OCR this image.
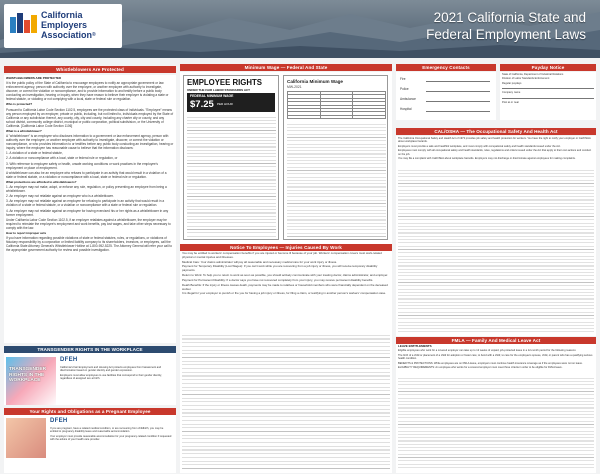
California
Employers
Association®
2021 California State and
Federal Employment Laws
Whistleblowers Are Protected

WHISTLEBLOWERS ARE PROTECTED

It is the public policy of the State of California to encourage employees to notify an appropriate government or law enforcement agency, person with authority over the employee, or another employee with authority to investigate, discover, or correct the violation or noncompliance, and to provide information to and testify before a public body conducting an investigation, hearing or inquiry, when they have reason to believe their employer is violating a state or federal statute, or violating or not complying with a local, state or federal rule or regulation.

Who is protected?

Pursuant to California Labor Code Section 1102.5, employees are the protected class of individuals. "Employee" means any person employed by an employer, private or public, including, but not limited to, individuals employed by the State of California or any subdivision thereof, any county, city, city and county, including any charter city or county, and any school district, community college district, municipal or public corporation, political subdivision, or the University of California. [California Labor Code Section 1106]

What is a whistleblower?

A "whistleblower" is an employee who discloses information to a government or law enforcement agency, person with authority over the employee, or another employee with authority to investigate, discover, or correct the violation or noncompliance, or who provides information to or testifies before any public body conducting an investigation, hearing or inquiry, where the employee has reasonable cause to believe that the information discloses:

1. A violation of a state or federal statute,

2. A violation or noncompliance with a local, state or federal rule or regulation, or

3. With reference to employee safety or health, unsafe working conditions or work practices in the employee's employment or place of employment.

A whistleblower can also be an employee who refuses to participate in an activity that would result in a violation of a state or federal statute, or a violation or noncompliance with a local, state or federal rule or regulation.

What protections are afforded to whistleblowers?

1. An employer may not make, adopt, or enforce any rule, regulation, or policy preventing an employee from being a whistleblower.

2. An employer may not retaliate against an employee who is a whistleblower.

3. An employer may not retaliate against an employee for refusing to participate in an activity that would result in a violation of a state or federal statute, or a violation or noncompliance with a state or federal rule or regulation.

4. An employer may not retaliate against an employee for having exercised his or her rights as a whistleblower in any former employment.

Under California Labor Code Section 1102.5, if an employer retaliates against a whistleblower, the employer may be required to reinstate the employee's employment and work benefits, pay lost wages, and take other steps necessary to comply with the law.

How to report improper acts

If you have information regarding possible violations of state or federal statutes, rules, or regulations, or violations of fiduciary responsibility by a corporation or limited liability company to its shareholders, investors, or employees, call the California State Attorney General's Whistleblower Hotline at 1-800-952-5225. The Attorney General will refer your call to the appropriate government authority for review and possible investigation.

TRANSGENDER RIGHTS IN THE WORKPLACE
TRANSGENDER
RIGHTS IN THE
WORKPLACE
DFEH

California's Fair Employment and Housing Act protects employees from harassment and discrimination based on gender identity and gender expression.

Employers must allow employees to use facilities that correspond to their gender identity, regardless of assigned sex at birth.

Your Rights and Obligations as a Pregnant Employee
DFEH

If you are pregnant, have a related medical condition, or are recovering from childbirth, you may be entitled to pregnancy disability leave and reasonable accommodation.

Your employer must provide reasonable accommodation for your pregnancy-related condition if requested with the advice of your health care provider.

Minimum Wage — Federal And State
EMPLOYEE RIGHTS
UNDER THE FAIR LABOR STANDARDS ACT
FEDERAL MINIMUM WAGE
$7.25 PER HOUR

California Minimum Wage
MW-2021

Notice To Employees — Injuries Caused By Work

You may be entitled to workers' compensation benefits if you are injured or become ill because of your job. Workers' compensation covers most work-related physical or mental injuries and illnesses.

Medical Care: Your claims administrator will pay all reasonable and necessary medical care for your work injury or illness.

Payment for Temporary Disability (Lost Wages): If you can't work while you are recovering from a job injury or illness, you will receive temporary disability payments.

Return to Work: To help you to return to work as soon as possible, you should actively communicate with your treating doctor, claims administrator, and employer.

Payment for Permanent Disability: If a doctor says you have not recovered completely from your injury, you may receive permanent disability benefits.

Death Benefits: If the injury or illness causes death, payments may be made to relatives or household members who were financially dependent on the deceased worker.

It is illegal for your employer to punish or fire you for having a job injury or illness, for filing a claim, or testifying in another person's workers' compensation case.

Emergency Contacts
Fire
Police
Ambulance
Hospital
Payday Notice

State of California, Department of Industrial Relations

Division of Labor Standards Enforcement

Regular paydays

Company name

Post at or near

CAL/OSHA — The Occupational Safety And Health Act

The California Occupational Safety and Health Act of 1973 provides job safety and health protection for workers. You have the right to notify your employer or Cal/OSHA about workplace hazards.

Employers must provide a safe and healthful workplace, and must comply with occupational safety and health standards issued under the Act.

Employees must comply with all occupational safety and health standards, rules, regulations and orders issued under the Act that apply to their own actions and conduct on the job.

You may file a complaint with Cal/OSHA about workplace hazards. Employers may not discharge or discriminate against employees for making complaints.

FMLA — Family And Medical Leave Act

LEAVE ENTITLEMENTS

Eligible employees who work for a covered employer can take up to 12 weeks of unpaid, job-protected leave in a 12-month period for the following reasons:

The birth of a child or placement of a child for adoption or foster care; to bond with a child; to care for the employee's spouse, child, or parent who has a qualifying serious health condition.

BENEFITS & PROTECTIONS: While employees are on FMLA leave, employers must continue health insurance coverage as if the employees were not on leave.

ELIGIBILITY REQUIREMENTS: An employee who works for a covered employer must meet three criteria in order to be eligible for FMLA leave.
